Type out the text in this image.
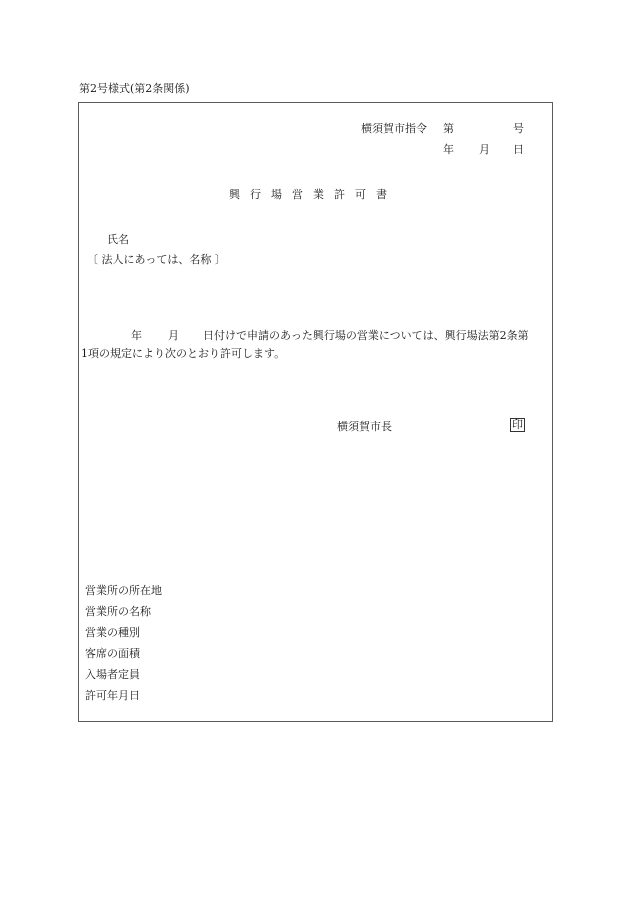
第2号様式(第2条関係)
横須賀市指令 第	号
年 月 日
興行場営業許可書
氏名
〔 法人にあっては、名称 〕
年 月 日付けで申請のあった興行場の営業については、興行場法第2条第
1項の規定により次のとおり許可します。
横須賀市長	印
営業所の所在地
営業所の名称
営業の種別
客席の面積
入場者定員
許可年月日
